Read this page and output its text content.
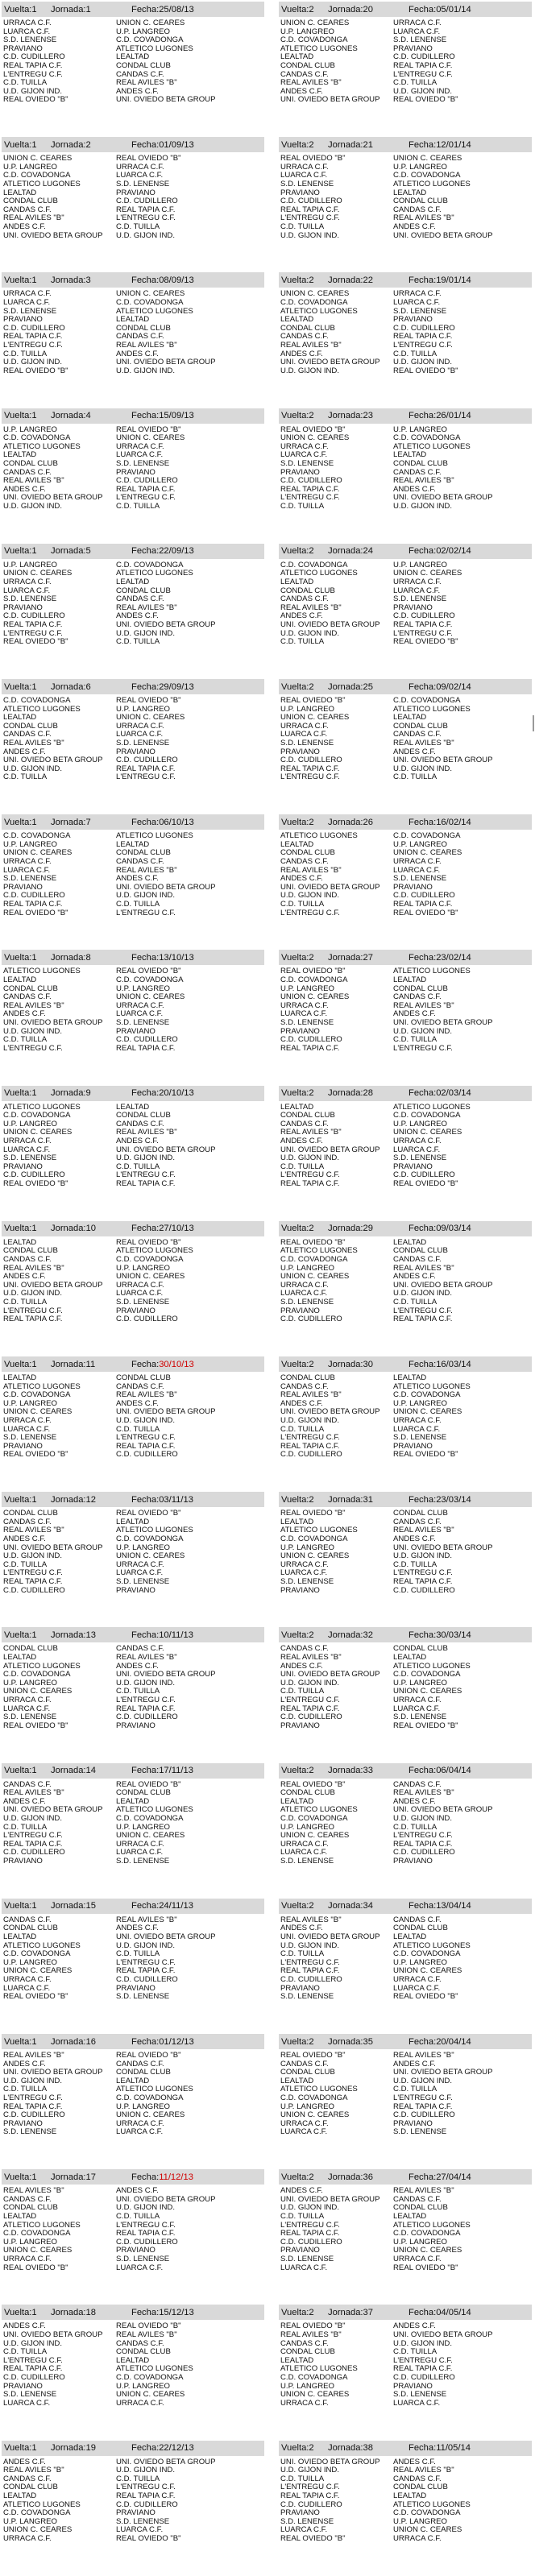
Vuelta:1	Jornada:1	Fecha:25/08/13
URRACA C.F.	UNION C. CEARES
LUARCA C.F.	U.P. LANGREO
S.D. LENENSE	C.D. COVADONGA
PRAVIANO	ATLETICO LUGONES
C.D. CUDILLERO	LEALTAD
REAL TAPIA C.F.	CONDAL CLUB
L'ENTREGU C.F.	CANDAS C.F.
C.D. TUILLA	REAL AVILES "B"
U.D. GIJON IND.	ANDES C.F.
REAL OVIEDO "B"	UNI. OVIEDO BETA GROUP
Vuelta:1	Jornada:2	Fecha:01/09/13
UNION C. CEARES	REAL OVIEDO "B"
U.P. LANGREO	URRACA C.F.
C.D. COVADONGA	LUARCA C.F.
ATLETICO LUGONES	S.D. LENENSE
LEALTAD	PRAVIANO
CONDAL CLUB	C.D. CUDILLERO
CANDAS C.F.	REAL TAPIA C.F.
REAL AVILES "B"	L'ENTREGU C.F.
ANDES C.F.	C.D. TUILLA
UNI. OVIEDO BETA GROUP	U.D. GIJON IND.
Vuelta:1	Jornada:3	Fecha:08/09/13
URRACA C.F.	UNION C. CEARES
LUARCA C.F.	C.D. COVADONGA
S.D. LENENSE	ATLETICO LUGONES
PRAVIANO	LEALTAD
C.D. CUDILLERO	CONDAL CLUB
REAL TAPIA C.F.	CANDAS C.F.
L'ENTREGU C.F.	REAL AVILES "B"
C.D. TUILLA	ANDES C.F.
U.D. GIJON IND.	UNI. OVIEDO BETA GROUP
REAL OVIEDO "B"	U.D. GIJON IND.
Vuelta:1	Jornada:4	Fecha:15/09/13
U.P. LANGREO	REAL OVIEDO "B"
C.D. COVADONGA	UNION C. CEARES
ATLETICO LUGONES	URRACA C.F.
LEALTAD	LUARCA C.F.
CONDAL CLUB	S.D. LENENSE
CANDAS C.F.	PRAVIANO
REAL AVILES "B"	C.D. CUDILLERO
ANDES C.F.	REAL TAPIA C.F.
UNI. OVIEDO BETA GROUP	L'ENTREGU C.F.
U.D. GIJON IND.	C.D. TUILLA
Vuelta:1	Jornada:5	Fecha:22/09/13
U.P. LANGREO	C.D. COVADONGA
UNION C. CEARES	ATLETICO LUGONES
URRACA C.F.	LEALTAD
LUARCA C.F.	CONDAL CLUB
S.D. LENENSE	CANDAS C.F.
PRAVIANO	REAL AVILES "B"
C.D. CUDILLERO	ANDES C.F.
REAL TAPIA C.F.	UNI. OVIEDO BETA GROUP
L'ENTREGU C.F.	U.D. GIJON IND.
REAL OVIEDO "B"	C.D. TUILLA
Vuelta:1	Jornada:6	Fecha:29/09/13
C.D. COVADONGA	REAL OVIEDO "B"
ATLETICO LUGONES	U.P. LANGREO
LEALTAD	UNION C. CEARES
CONDAL CLUB	URRACA C.F.
CANDAS C.F.	LUARCA C.F.
REAL AVILES "B"	S.D. LENENSE
ANDES C.F.	PRAVIANO
UNI. OVIEDO BETA GROUP	C.D. CUDILLERO
U.D. GIJON IND.	REAL TAPIA C.F.
C.D. TUILLA	L'ENTREGU C.F.
Vuelta:1	Jornada:7	Fecha:06/10/13
C.D. COVADONGA	ATLETICO LUGONES
U.P. LANGREO	LEALTAD
UNION C. CEARES	CONDAL CLUB
URRACA C.F.	CANDAS C.F.
LUARCA C.F.	REAL AVILES "B"
S.D. LENENSE	ANDES C.F.
PRAVIANO	UNI. OVIEDO BETA GROUP
C.D. CUDILLERO	U.D. GIJON IND.
REAL TAPIA C.F.	C.D. TUILLA
REAL OVIEDO "B"	L'ENTREGU C.F.
Vuelta:1	Jornada:8	Fecha:13/10/13
ATLETICO LUGONES	REAL OVIEDO "B"
LEALTAD	C.D. COVADONGA
CONDAL CLUB	U.P. LANGREO
CANDAS C.F.	UNION C. CEARES
REAL AVILES "B"	URRACA C.F.
ANDES C.F.	LUARCA C.F.
UNI. OVIEDO BETA GROUP	S.D. LENENSE
U.D. GIJON IND.	PRAVIANO
C.D. TUILLA	C.D. CUDILLERO
L'ENTREGU C.F.	REAL TAPIA C.F.
Vuelta:1	Jornada:9	Fecha:20/10/13
ATLETICO LUGONES	LEALTAD
C.D. COVADONGA	CONDAL CLUB
U.P. LANGREO	CANDAS C.F.
UNION C. CEARES	REAL AVILES "B"
URRACA C.F.	ANDES C.F.
LUARCA C.F.	UNI. OVIEDO BETA GROUP
S.D. LENENSE	U.D. GIJON IND.
PRAVIANO	C.D. TUILLA
C.D. CUDILLERO	L'ENTREGU C.F.
REAL OVIEDO "B"	REAL TAPIA C.F.
Vuelta:1	Jornada:10	Fecha:27/10/13
LEALTAD	REAL OVIEDO "B"
CONDAL CLUB	ATLETICO LUGONES
CANDAS C.F.	C.D. COVADONGA
REAL AVILES "B"	U.P. LANGREO
ANDES C.F.	UNION C. CEARES
UNI. OVIEDO BETA GROUP	URRACA C.F.
U.D. GIJON IND.	LUARCA C.F.
C.D. TUILLA	S.D. LENENSE
L'ENTREGU C.F.	PRAVIANO
REAL TAPIA C.F.	C.D. CUDILLERO
Vuelta:1	Jornada:11	Fecha:30/10/13
LEALTAD	CONDAL CLUB
ATLETICO LUGONES	CANDAS C.F.
C.D. COVADONGA	REAL AVILES "B"
U.P. LANGREO	ANDES C.F.
UNION C. CEARES	UNI. OVIEDO BETA GROUP
URRACA C.F.	U.D. GIJON IND.
LUARCA C.F.	C.D. TUILLA
S.D. LENENSE	L'ENTREGU C.F.
PRAVIANO	REAL TAPIA C.F.
REAL OVIEDO "B"	C.D. CUDILLERO
Vuelta:1	Jornada:12	Fecha:03/11/13
CONDAL CLUB	REAL OVIEDO "B"
CANDAS C.F.	LEALTAD
REAL AVILES "B"	ATLETICO LUGONES
ANDES C.F.	C.D. COVADONGA
UNI. OVIEDO BETA GROUP	U.P. LANGREO
U.D. GIJON IND.	UNION C. CEARES
C.D. TUILLA	URRACA C.F.
L'ENTREGU C.F.	LUARCA C.F.
REAL TAPIA C.F.	S.D. LENENSE
C.D. CUDILLERO	PRAVIANO
Vuelta:1	Jornada:13	Fecha:10/11/13
CONDAL CLUB	CANDAS C.F.
LEALTAD	REAL AVILES "B"
ATLETICO LUGONES	ANDES C.F.
C.D. COVADONGA	UNI. OVIEDO BETA GROUP
U.P. LANGREO	U.D. GIJON IND.
UNION C. CEARES	C.D. TUILLA
URRACA C.F.	L'ENTREGU C.F.
LUARCA C.F.	REAL TAPIA C.F.
S.D. LENENSE	C.D. CUDILLERO
REAL OVIEDO "B"	PRAVIANO
Vuelta:1	Jornada:14	Fecha:17/11/13
CANDAS C.F.	REAL OVIEDO "B"
REAL AVILES "B"	CONDAL CLUB
ANDES C.F.	LEALTAD
UNI. OVIEDO BETA GROUP	ATLETICO LUGONES
U.D. GIJON IND.	C.D. COVADONGA
C.D. TUILLA	U.P. LANGREO
L'ENTREGU C.F.	UNION C. CEARES
REAL TAPIA C.F.	URRACA C.F.
C.D. CUDILLERO	LUARCA C.F.
PRAVIANO	S.D. LENENSE
Vuelta:1	Jornada:15	Fecha:24/11/13
CANDAS C.F.	REAL AVILES "B"
CONDAL CLUB	ANDES C.F.
LEALTAD	UNI. OVIEDO BETA GROUP
ATLETICO LUGONES	U.D. GIJON IND.
C.D. COVADONGA	C.D. TUILLA
U.P. LANGREO	L'ENTREGU C.F.
UNION C. CEARES	REAL TAPIA C.F.
URRACA C.F.	C.D. CUDILLERO
LUARCA C.F.	PRAVIANO
REAL OVIEDO "B"	S.D. LENENSE
Vuelta:1	Jornada:16	Fecha:01/12/13
REAL AVILES "B"	REAL OVIEDO "B"
ANDES C.F.	CANDAS C.F.
UNI. OVIEDO BETA GROUP	CONDAL CLUB
U.D. GIJON IND.	LEALTAD
C.D. TUILLA	ATLETICO LUGONES
L'ENTREGU C.F.	C.D. COVADONGA
REAL TAPIA C.F.	U.P. LANGREO
C.D. CUDILLERO	UNION C. CEARES
PRAVIANO	URRACA C.F.
S.D. LENENSE	LUARCA C.F.
Vuelta:1	Jornada:17	Fecha:11/12/13
REAL AVILES "B"	ANDES C.F.
CANDAS C.F.	UNI. OVIEDO BETA GROUP
CONDAL CLUB	U.D. GIJON IND.
LEALTAD	C.D. TUILLA
ATLETICO LUGONES	L'ENTREGU C.F.
C.D. COVADONGA	REAL TAPIA C.F.
U.P. LANGREO	C.D. CUDILLERO
UNION C. CEARES	PRAVIANO
URRACA C.F.	S.D. LENENSE
REAL OVIEDO "B"	LUARCA C.F.
Vuelta:1	Jornada:18	Fecha:15/12/13
ANDES C.F.	REAL OVIEDO "B"
UNI. OVIEDO BETA GROUP	REAL AVILES "B"
U.D. GIJON IND.	CANDAS C.F.
C.D. TUILLA	CONDAL CLUB
L'ENTREGU C.F.	LEALTAD
REAL TAPIA C.F.	ATLETICO LUGONES
C.D. CUDILLERO	C.D. COVADONGA
PRAVIANO	U.P. LANGREO
S.D. LENENSE	UNION C. CEARES
LUARCA C.F.	URRACA C.F.
Vuelta:1	Jornada:19	Fecha:22/12/13
ANDES C.F.	UNI. OVIEDO BETA GROUP
REAL AVILES "B"	U.D. GIJON IND.
CANDAS C.F.	C.D. TUILLA
CONDAL CLUB	L'ENTREGU C.F.
LEALTAD	REAL TAPIA C.F.
ATLETICO LUGONES	C.D. CUDILLERO
C.D. COVADONGA	PRAVIANO
U.P. LANGREO	S.D. LENENSE
UNION C. CEARES	LUARCA C.F.
URRACA C.F.	REAL OVIEDO "B"
Vuelta:2	Jornada:20	Fecha:05/01/14
UNION C. CEARES	URRACA C.F.
U.P. LANGREO	LUARCA C.F.
C.D. COVADONGA	S.D. LENENSE
ATLETICO LUGONES	PRAVIANO
LEALTAD	C.D. CUDILLERO
CONDAL CLUB	REAL TAPIA C.F.
CANDAS C.F.	L'ENTREGU C.F.
REAL AVILES "B"	C.D. TUILLA
ANDES C.F.	U.D. GIJON IND.
UNI. OVIEDO BETA GROUP	REAL OVIEDO "B"
Vuelta:2	Jornada:21	Fecha:12/01/14
REAL OVIEDO "B"	UNION C. CEARES
URRACA C.F.	U.P. LANGREO
LUARCA C.F.	C.D. COVADONGA
S.D. LENENSE	ATLETICO LUGONES
PRAVIANO	LEALTAD
C.D. CUDILLERO	CONDAL CLUB
REAL TAPIA C.F.	CANDAS C.F.
L'ENTREGU C.F.	REAL AVILES "B"
C.D. TUILLA	ANDES C.F.
U.D. GIJON IND.	UNI. OVIEDO BETA GROUP
Vuelta:2	Jornada:22	Fecha:19/01/14
UNION C. CEARES	URRACA C.F.
C.D. COVADONGA	LUARCA C.F.
ATLETICO LUGONES	S.D. LENENSE
LEALTAD	PRAVIANO
CONDAL CLUB	C.D. CUDILLERO
CANDAS C.F.	REAL TAPIA C.F.
REAL AVILES "B"	L'ENTREGU C.F.
ANDES C.F.	C.D. TUILLA
UNI. OVIEDO BETA GROUP	U.D. GIJON IND.
U.D. GIJON IND.	REAL OVIEDO "B"
Vuelta:2	Jornada:23	Fecha:26/01/14
REAL OVIEDO "B"	U.P. LANGREO
UNION C. CEARES	C.D. COVADONGA
URRACA C.F.	ATLETICO LUGONES
LUARCA C.F.	LEALTAD
S.D. LENENSE	CONDAL CLUB
PRAVIANO	CANDAS C.F.
C.D. CUDILLERO	REAL AVILES "B"
REAL TAPIA C.F.	ANDES C.F.
L'ENTREGU C.F.	UNI. OVIEDO BETA GROUP
C.D. TUILLA	U.D. GIJON IND.
Vuelta:2	Jornada:24	Fecha:02/02/14
C.D. COVADONGA	U.P. LANGREO
ATLETICO LUGONES	UNION C. CEARES
LEALTAD	URRACA C.F.
CONDAL CLUB	LUARCA C.F.
CANDAS C.F.	S.D. LENENSE
REAL AVILES "B"	PRAVIANO
ANDES C.F.	C.D. CUDILLERO
UNI. OVIEDO BETA GROUP	REAL TAPIA C.F.
U.D. GIJON IND.	L'ENTREGU C.F.
C.D. TUILLA	REAL OVIEDO "B"
Vuelta:2	Jornada:25	Fecha:09/02/14
REAL OVIEDO "B"	C.D. COVADONGA
U.P. LANGREO	ATLETICO LUGONES
UNION C. CEARES	LEALTAD
URRACA C.F.	CONDAL CLUB
LUARCA C.F.	CANDAS C.F.
S.D. LENENSE	REAL AVILES "B"
PRAVIANO	ANDES C.F.
C.D. CUDILLERO	UNI. OVIEDO BETA GROUP
REAL TAPIA C.F.	U.D. GIJON IND.
L'ENTREGU C.F.	C.D. TUILLA
Vuelta:2	Jornada:26	Fecha:16/02/14
ATLETICO LUGONES	C.D. COVADONGA
LEALTAD	U.P. LANGREO
CONDAL CLUB	UNION C. CEARES
CANDAS C.F.	URRACA C.F.
REAL AVILES "B"	LUARCA C.F.
ANDES C.F.	S.D. LENENSE
UNI. OVIEDO BETA GROUP	PRAVIANO
U.D. GIJON IND.	C.D. CUDILLERO
C.D. TUILLA	REAL TAPIA C.F.
L'ENTREGU C.F.	REAL OVIEDO "B"
Vuelta:2	Jornada:27	Fecha:23/02/14
REAL OVIEDO "B"	ATLETICO LUGONES
C.D. COVADONGA	LEALTAD
U.P. LANGREO	CONDAL CLUB
UNION C. CEARES	CANDAS C.F.
URRACA C.F.	REAL AVILES "B"
LUARCA C.F.	ANDES C.F.
S.D. LENENSE	UNI. OVIEDO BETA GROUP
PRAVIANO	U.D. GIJON IND.
C.D. CUDILLERO	C.D. TUILLA
REAL TAPIA C.F.	L'ENTREGU C.F.
Vuelta:2	Jornada:28	Fecha:02/03/14
LEALTAD	ATLETICO LUGONES
CONDAL CLUB	C.D. COVADONGA
CANDAS C.F.	U.P. LANGREO
REAL AVILES "B"	UNION C. CEARES
ANDES C.F.	URRACA C.F.
UNI. OVIEDO BETA GROUP	LUARCA C.F.
U.D. GIJON IND.	S.D. LENENSE
C.D. TUILLA	PRAVIANO
L'ENTREGU C.F.	C.D. CUDILLERO
REAL TAPIA C.F.	REAL OVIEDO "B"
Vuelta:2	Jornada:29	Fecha:09/03/14
REAL OVIEDO "B"	LEALTAD
ATLETICO LUGONES	CONDAL CLUB
C.D. COVADONGA	CANDAS C.F.
U.P. LANGREO	REAL AVILES "B"
UNION C. CEARES	ANDES C.F.
URRACA C.F.	UNI. OVIEDO BETA GROUP
LUARCA C.F.	U.D. GIJON IND.
S.D. LENENSE	C.D. TUILLA
PRAVIANO	L'ENTREGU C.F.
C.D. CUDILLERO	REAL TAPIA C.F.
Vuelta:2	Jornada:30	Fecha:16/03/14
CONDAL CLUB	LEALTAD
CANDAS C.F.	ATLETICO LUGONES
REAL AVILES "B"	C.D. COVADONGA
ANDES C.F.	U.P. LANGREO
UNI. OVIEDO BETA GROUP	UNION C. CEARES
U.D. GIJON IND.	URRACA C.F.
C.D. TUILLA	LUARCA C.F.
L'ENTREGU C.F.	S.D. LENENSE
REAL TAPIA C.F.	PRAVIANO
C.D. CUDILLERO	REAL OVIEDO "B"
Vuelta:2	Jornada:31	Fecha:23/03/14
REAL OVIEDO "B"	CONDAL CLUB
LEALTAD	CANDAS C.F.
ATLETICO LUGONES	REAL AVILES "B"
C.D. COVADONGA	ANDES C.F.
U.P. LANGREO	UNI. OVIEDO BETA GROUP
UNION C. CEARES	U.D. GIJON IND.
URRACA C.F.	C.D. TUILLA
LUARCA C.F.	L'ENTREGU C.F.
S.D. LENENSE	REAL TAPIA C.F.
PRAVIANO	C.D. CUDILLERO
Vuelta:2	Jornada:32	Fecha:30/03/14
CANDAS C.F.	CONDAL CLUB
REAL AVILES "B"	LEALTAD
ANDES C.F.	ATLETICO LUGONES
UNI. OVIEDO BETA GROUP	C.D. COVADONGA
U.D. GIJON IND.	U.P. LANGREO
C.D. TUILLA	UNION C. CEARES
L'ENTREGU C.F.	URRACA C.F.
REAL TAPIA C.F.	LUARCA C.F.
C.D. CUDILLERO	S.D. LENENSE
PRAVIANO	REAL OVIEDO "B"
Vuelta:2	Jornada:33	Fecha:06/04/14
REAL OVIEDO "B"	CANDAS C.F.
CONDAL CLUB	REAL AVILES "B"
LEALTAD	ANDES C.F.
ATLETICO LUGONES	UNI. OVIEDO BETA GROUP
C.D. COVADONGA	U.D. GIJON IND.
U.P. LANGREO	C.D. TUILLA
UNION C. CEARES	L'ENTREGU C.F.
URRACA C.F.	REAL TAPIA C.F.
LUARCA C.F.	C.D. CUDILLERO
S.D. LENENSE	PRAVIANO
Vuelta:2	Jornada:34	Fecha:13/04/14
REAL AVILES "B"	CANDAS C.F.
ANDES C.F.	CONDAL CLUB
UNI. OVIEDO BETA GROUP	LEALTAD
U.D. GIJON IND.	ATLETICO LUGONES
C.D. TUILLA	C.D. COVADONGA
L'ENTREGU C.F.	U.P. LANGREO
REAL TAPIA C.F.	UNION C. CEARES
C.D. CUDILLERO	URRACA C.F.
PRAVIANO	LUARCA C.F.
S.D. LENENSE	REAL OVIEDO "B"
Vuelta:2	Jornada:35	Fecha:20/04/14
REAL OVIEDO "B"	REAL AVILES "B"
CANDAS C.F.	ANDES C.F.
CONDAL CLUB	UNI. OVIEDO BETA GROUP
LEALTAD	U.D. GIJON IND.
ATLETICO LUGONES	C.D. TUILLA
C.D. COVADONGA	L'ENTREGU C.F.
U.P. LANGREO	REAL TAPIA C.F.
UNION C. CEARES	C.D. CUDILLERO
URRACA C.F.	PRAVIANO
LUARCA C.F.	S.D. LENENSE
Vuelta:2	Jornada:36	Fecha:27/04/14
ANDES C.F.	REAL AVILES "B"
UNI. OVIEDO BETA GROUP	CANDAS C.F.
U.D. GIJON IND.	CONDAL CLUB
C.D. TUILLA	LEALTAD
L'ENTREGU C.F.	ATLETICO LUGONES
REAL TAPIA C.F.	C.D. COVADONGA
C.D. CUDILLERO	U.P. LANGREO
PRAVIANO	UNION C. CEARES
S.D. LENENSE	URRACA C.F.
LUARCA C.F.	REAL OVIEDO "B"
Vuelta:2	Jornada:37	Fecha:04/05/14
REAL OVIEDO "B"	ANDES C.F.
REAL AVILES "B"	UNI. OVIEDO BETA GROUP
CANDAS C.F.	U.D. GIJON IND.
CONDAL CLUB	C.D. TUILLA
LEALTAD	L'ENTREGU C.F.
ATLETICO LUGONES	REAL TAPIA C.F.
C.D. COVADONGA	C.D. CUDILLERO
U.P. LANGREO	PRAVIANO
UNION C. CEARES	S.D. LENENSE
URRACA C.F.	LUARCA C.F.
Vuelta:2	Jornada:38	Fecha:11/05/14
UNI. OVIEDO BETA GROUP	ANDES C.F.
U.D. GIJON IND.	REAL AVILES "B"
C.D. TUILLA	CANDAS C.F.
L'ENTREGU C.F.	CONDAL CLUB
REAL TAPIA C.F.	LEALTAD
C.D. CUDILLERO	ATLETICO LUGONES
PRAVIANO	C.D. COVADONGA
S.D. LENENSE	U.P. LANGREO
LUARCA C.F.	UNION C. CEARES
REAL OVIEDO "B"	URRACA C.F.
